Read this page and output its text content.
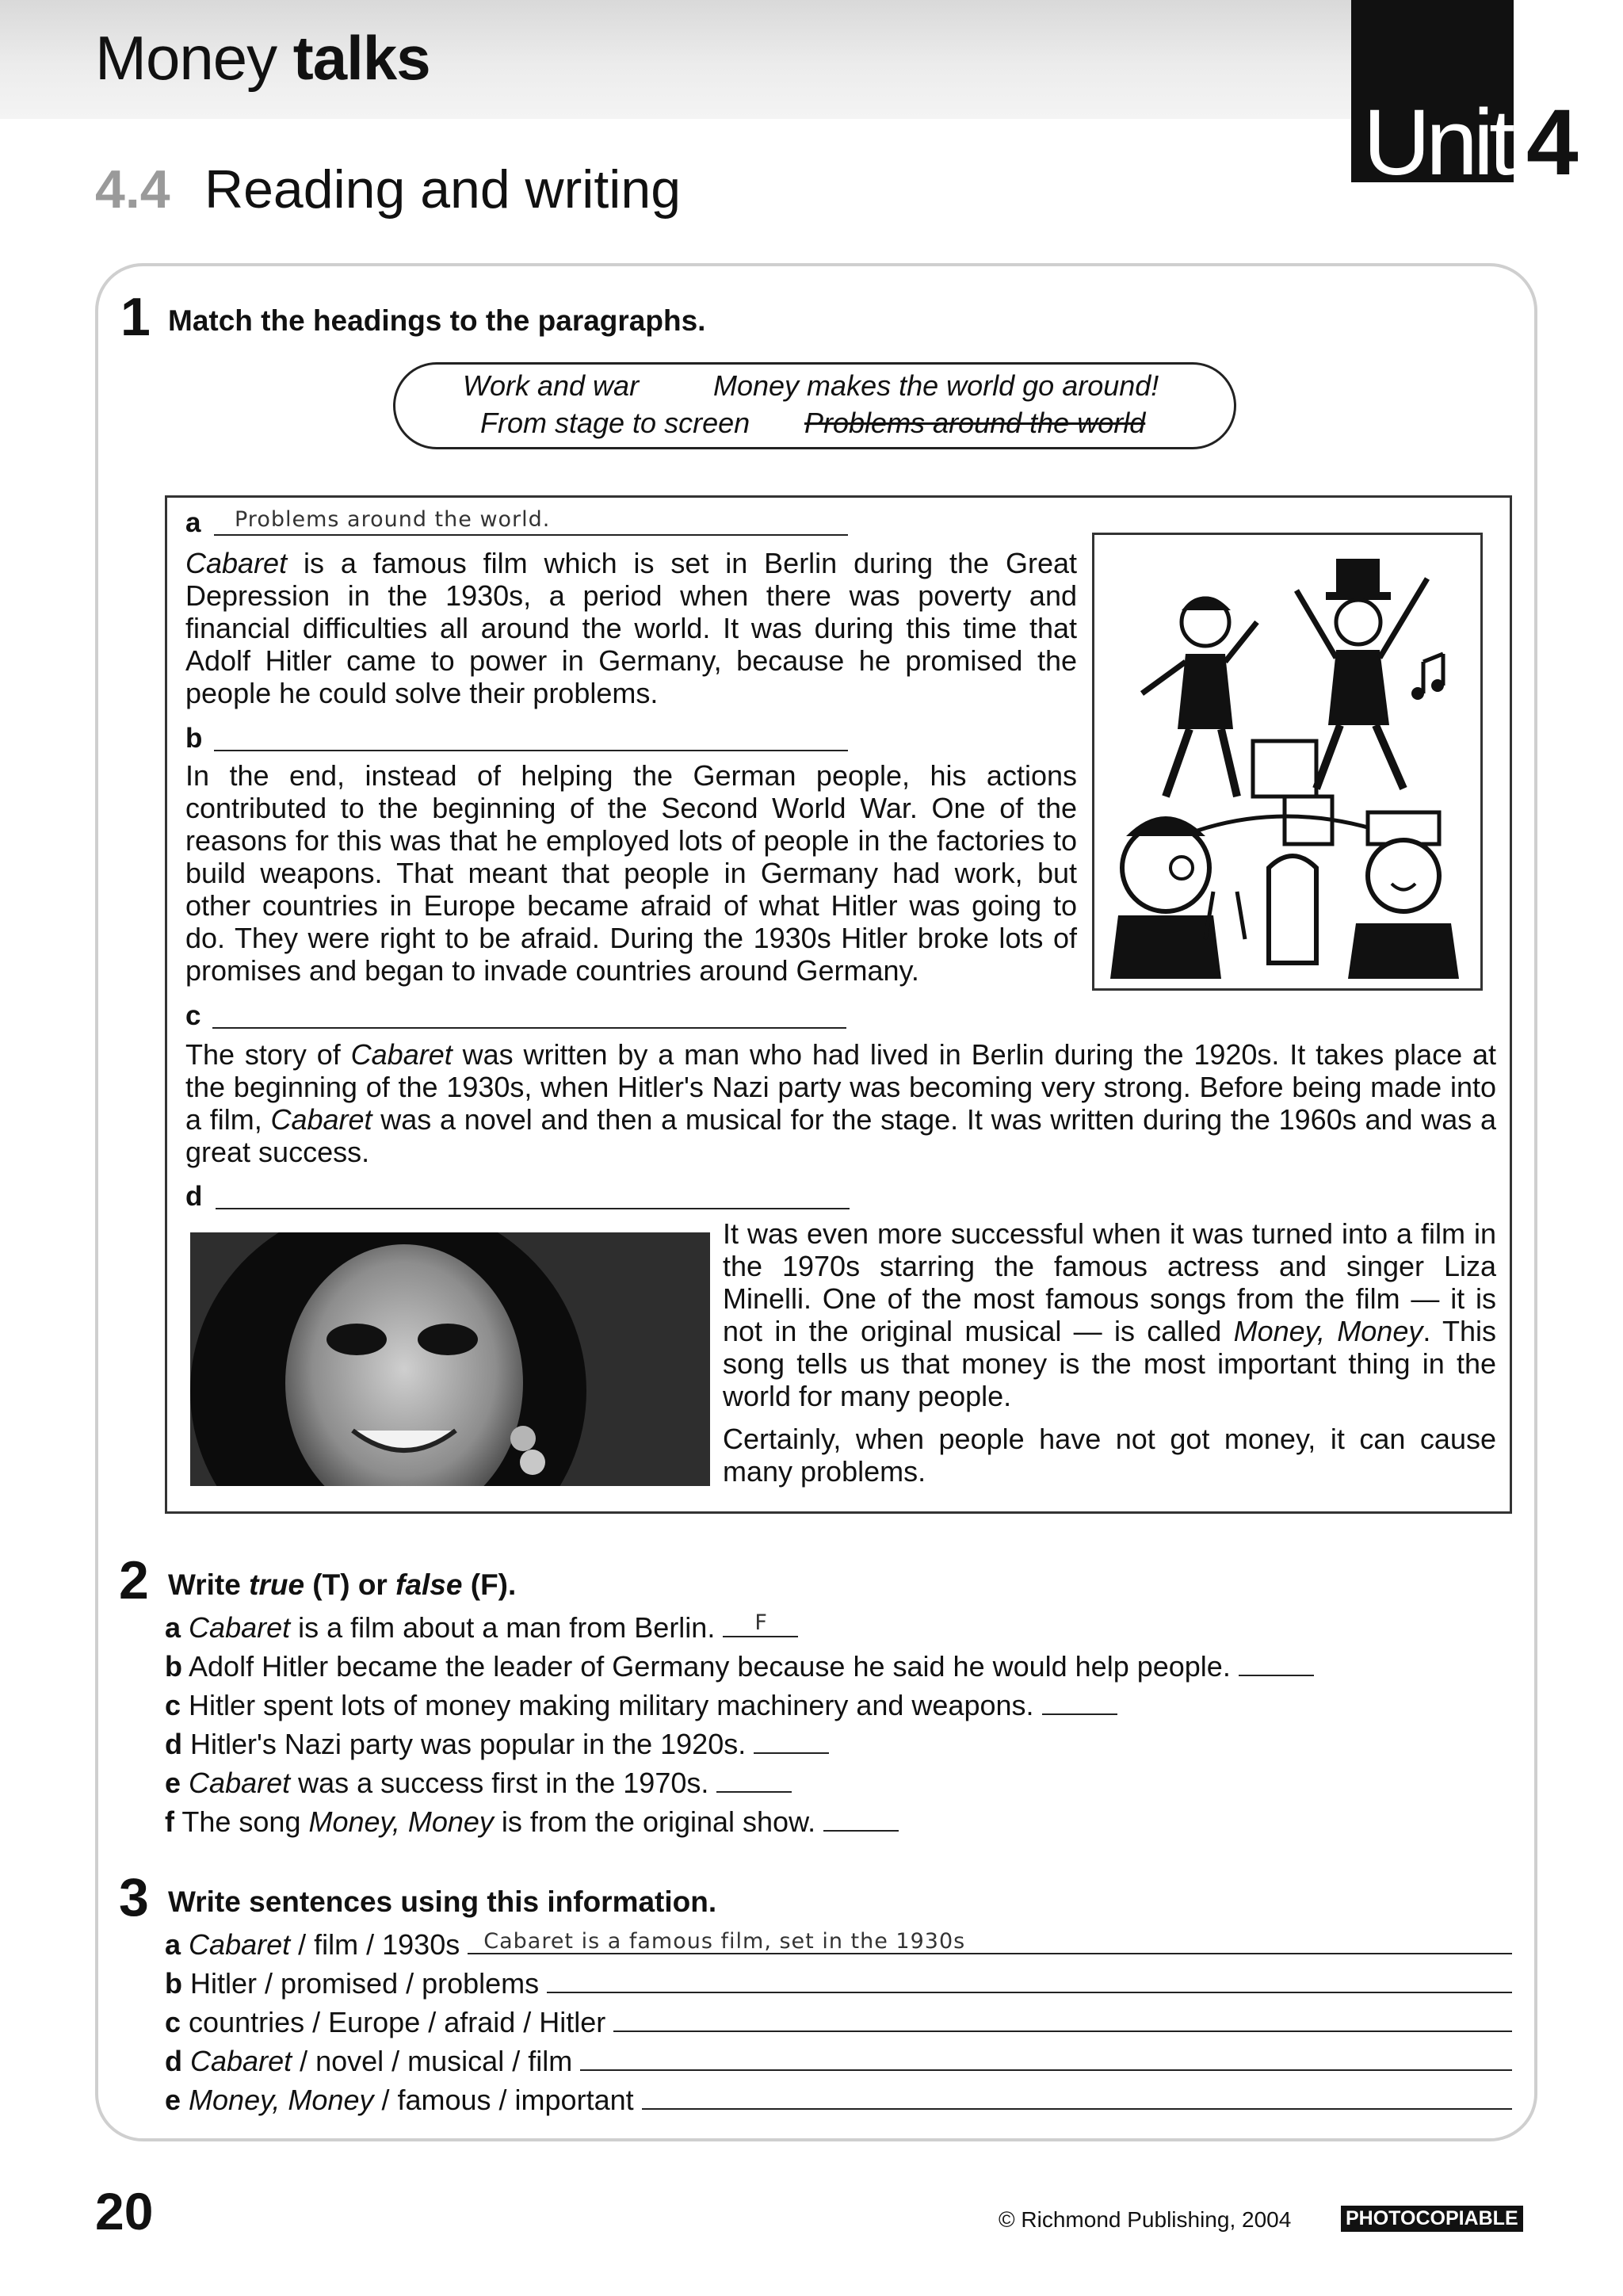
Money talks
Unit 4
4.4 Reading and writing
1 Match the headings to the paragraphs.
Work and war	Money makes the world go around!
From stage to screen Problems around the world
a Problems around the world.
Cabaret is a famous film which is set in Berlin during the Great Depression in the 1930s, a period when there was poverty and financial difficulties all around the world. It was during this time that Adolf Hitler came to power in Germany, because he promised the people he could solve their problems.
b
In the end, instead of helping the German people, his actions contributed to the beginning of the Second World War. One of the reasons for this was that he employed lots of people in the factories to build weapons. That meant that people in Germany had work, but other countries in Europe became afraid of what Hitler was going to do. They were right to be afraid. During the 1930s Hitler broke lots of promises and began to invade countries around Germany.
c
The story of Cabaret was written by a man who had lived in Berlin during the 1920s. It takes place at the beginning of the 1930s, when Hitler's Nazi party was becoming very strong. Before being made into a film, Cabaret was a novel and then a musical for the stage. It was written during the 1960s and was a great success.
d
It was even more successful when it was turned into a film in the 1970s starring the famous actress and singer Liza Minelli. One of the most famous songs from the film — it is not in the original musical — is called Money, Money. This song tells us that money is the most important thing in the world for many people.
Certainly, when people have not got money, it can cause many problems.
2 Write true (T) or false (F).
a Cabaret is a film about a man from Berlin. F
b Adolf Hitler became the leader of Germany because he said he would help people.
c Hitler spent lots of money making military machinery and weapons.
d Hitler's Nazi party was popular in the 1920s.
e Cabaret was a success first in the 1970s.
f The song Money, Money is from the original show.
3 Write sentences using this information.
a Cabaret / film / 1930s	Cabaret is a famous film, set in the 1930s
b Hitler / promised / problems
c countries / Europe / afraid / Hitler
d Cabaret / novel / musical / film
e Money, Money / famous / important
20	© Richmond Publishing, 2004	PHOTOCOPIABLE
